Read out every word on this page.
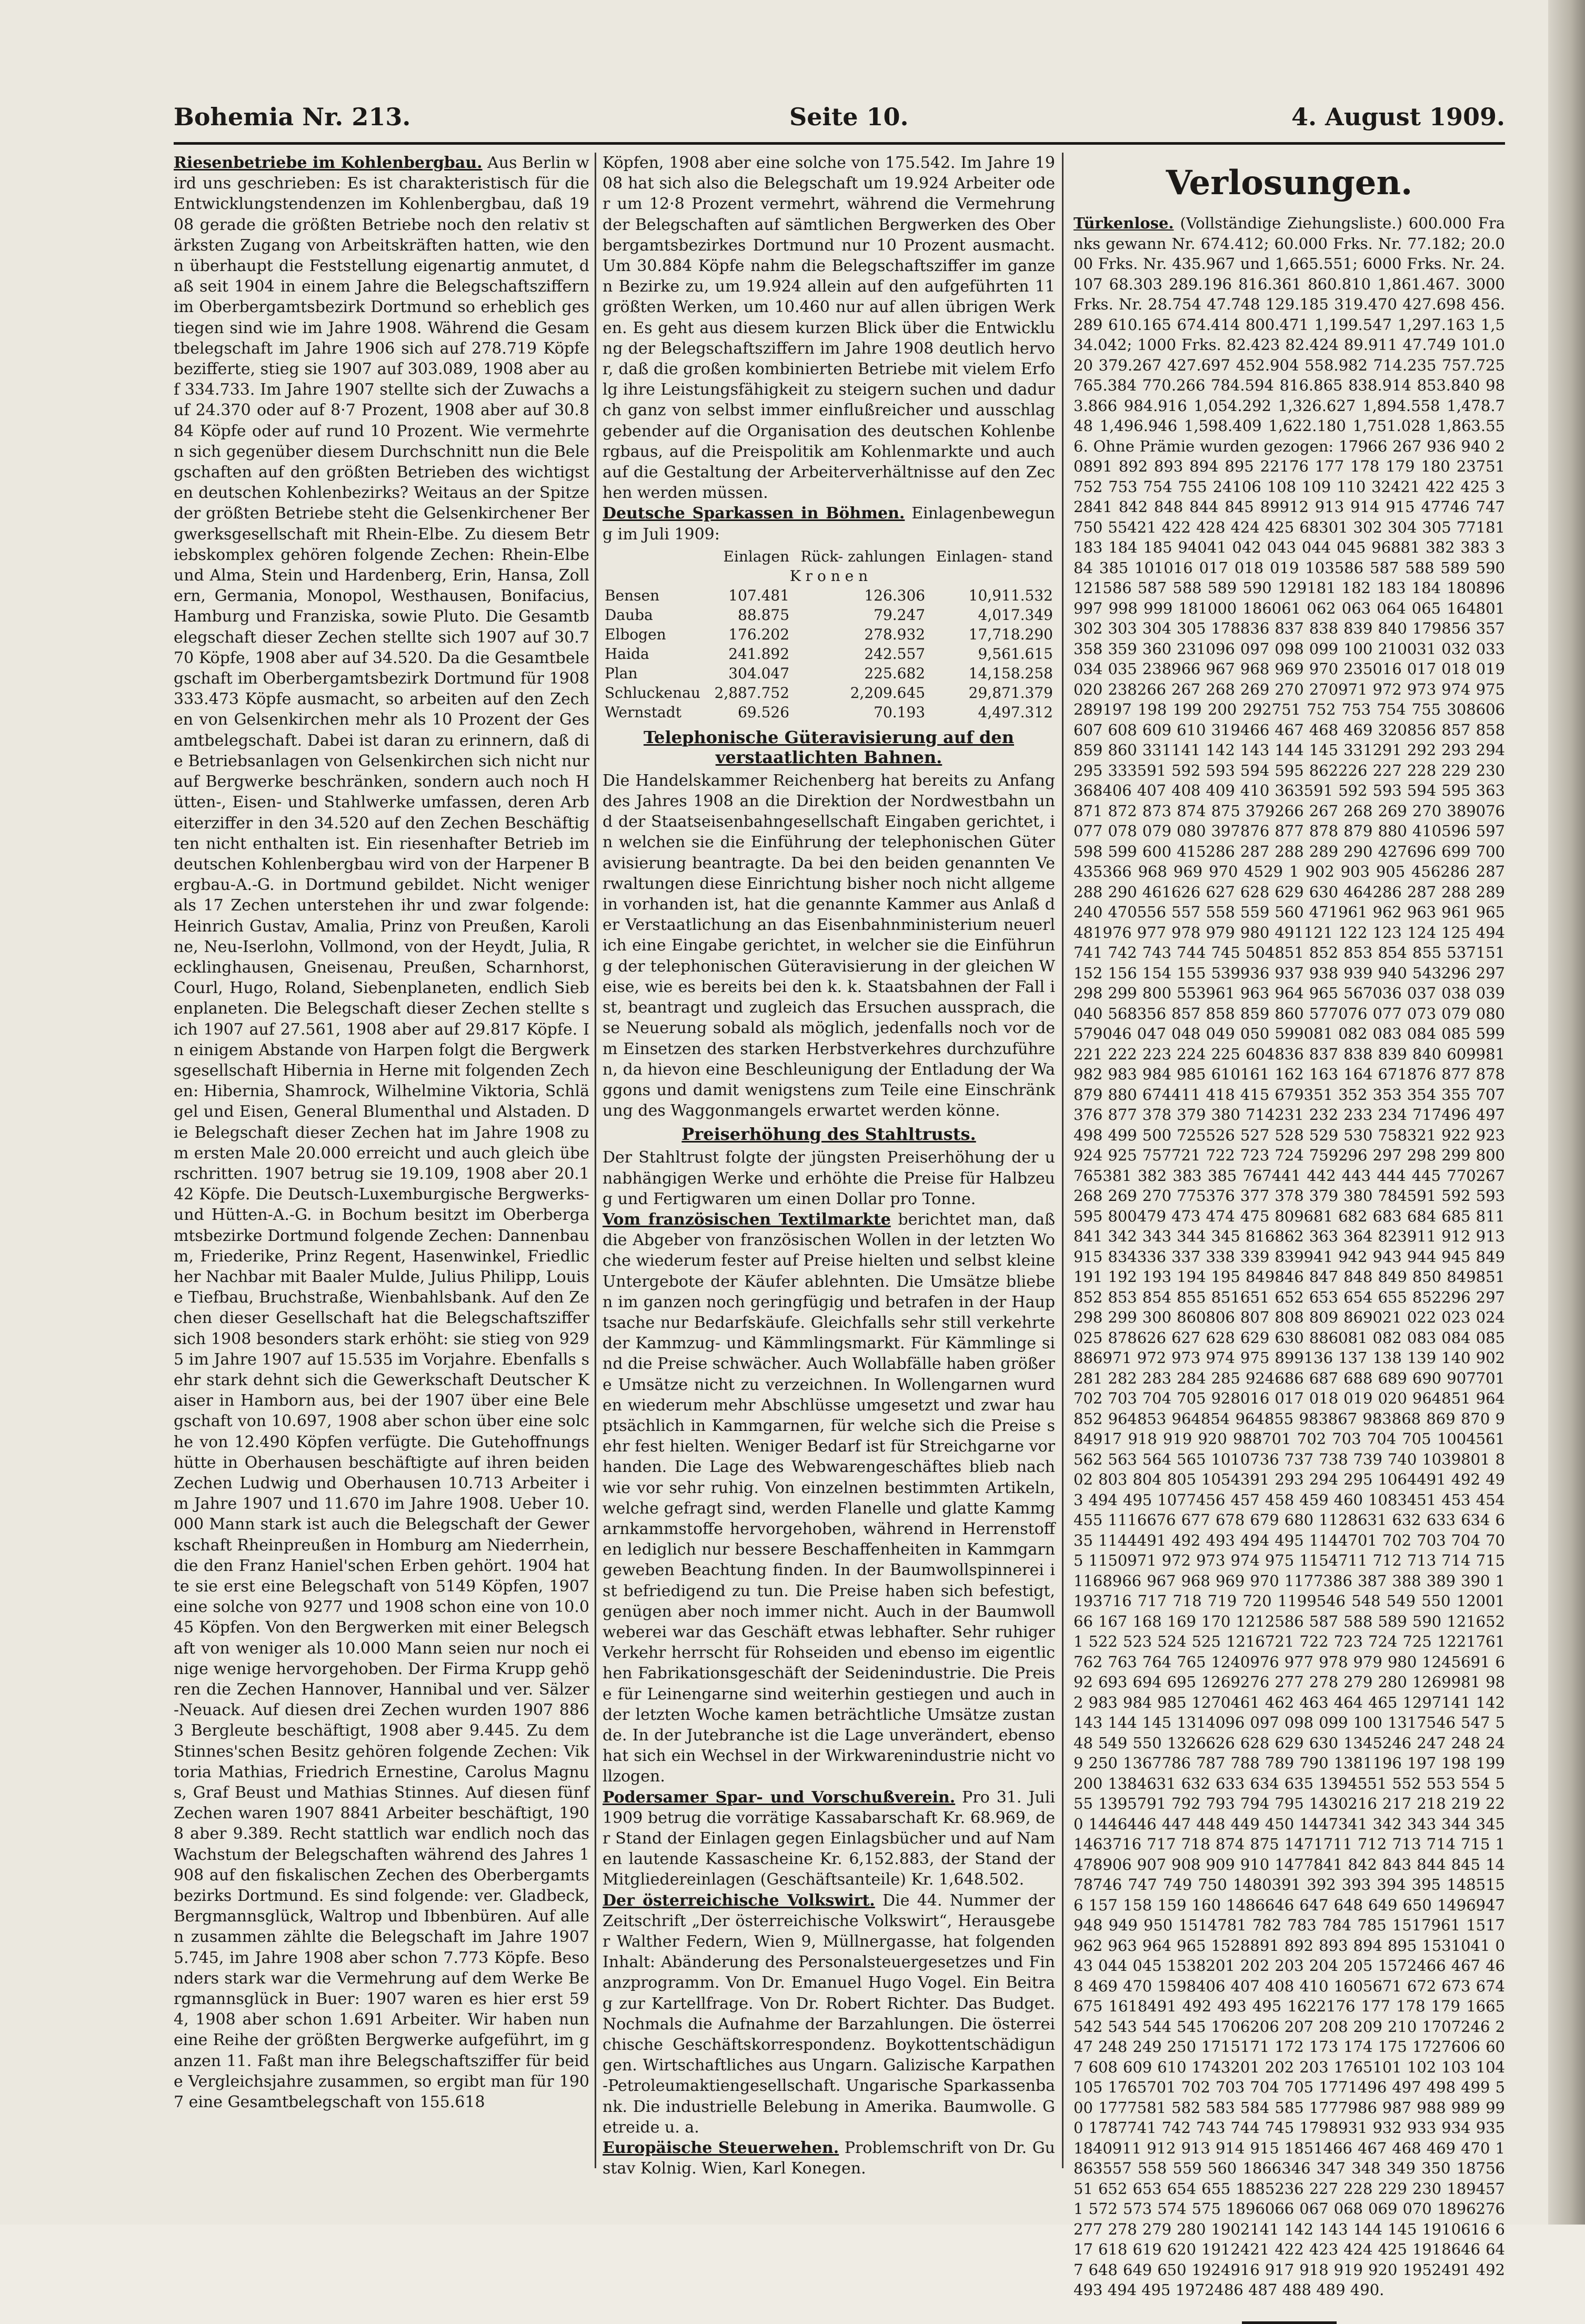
Bohemia Nr. 213.	Seite 10.	4. August 1909.

Riesenbetriebe im Kohlenbergbau. Aus Berlin wird uns geschrieben: Es ist charakteristisch für die Entwicklungstendenzen im Kohlenbergbau, daß 1908 gerade die größten Betriebe noch den relativ stärksten Zugang von Arbeitskräften hatten, wie denn überhaupt die Feststellung eigenartig anmutet, daß seit 1904 in einem Jahre die Belegschaftsziffern im Oberbergamtsbezirk Dortmund so erheblich gestiegen sind wie im Jahre 1908. Während die Gesamtbelegschaft im Jahre 1906 sich auf 278.719 Köpfe bezifferte, stieg sie 1907 auf 303.089, 1908 aber auf 334.733. Im Jahre 1907 stellte sich der Zuwachs auf 24.370 oder auf 8·7 Prozent, 1908 aber auf 30.884 Köpfe oder auf rund 10 Prozent. Wie vermehrten sich gegenüber diesem Durchschnitt nun die Belegschaften auf den größten Betrieben des wichtigsten deutschen Kohlenbezirks? Weitaus an der Spitze der größten Betriebe steht die Gelsenkirchener Bergwerksgesellschaft mit Rhein-Elbe. Zu diesem Betriebskomplex gehören folgende Zechen: Rhein-Elbe und Alma, Stein und Hardenberg, Erin, Hansa, Zollern, Germania, Monopol, Westhausen, Bonifacius, Hamburg und Franziska, sowie Pluto. Die Gesamtbelegschaft dieser Zechen stellte sich 1907 auf 30.770 Köpfe, 1908 aber auf 34.520. Da die Gesamtbelegschaft im Oberbergamtsbezirk Dortmund für 1908 333.473 Köpfe ausmacht, so arbeiten auf den Zechen von Gelsenkirchen mehr als 10 Prozent der Gesamtbelegschaft. Dabei ist daran zu erinnern, daß die Betriebsanlagen von Gelsenkirchen sich nicht nur auf Bergwerke beschränken, sondern auch noch Hütten-, Eisen- und Stahlwerke umfassen, deren Arbeiterziffer in den 34.520 auf den Zechen Beschäftigten nicht enthalten ist. Ein riesenhafter Betrieb im deutschen Kohlenbergbau wird von der Harpener Bergbau-A.-G. in Dortmund gebildet. Nicht weniger als 17 Zechen unterstehen ihr und zwar folgende: Heinrich Gustav, Amalia, Prinz von Preußen, Karoline, Neu-Iserlohn, Vollmond, von der Heydt, Julia, Recklinghausen, Gneisenau, Preußen, Scharnhorst, Courl, Hugo, Roland, Siebenplaneten, endlich Siebenplaneten. Die Belegschaft dieser Zechen stellte sich 1907 auf 27.561, 1908 aber auf 29.817 Köpfe. In einigem Abstande von Harpen folgt die Bergwerksgesellschaft Hibernia in Herne mit folgenden Zechen: Hibernia, Shamrock, Wilhelmine Viktoria, Schlägel und Eisen, General Blumenthal und Alstaden. Die Belegschaft dieser Zechen hat im Jahre 1908 zum ersten Male 20.000 erreicht und auch gleich überschritten. 1907 betrug sie 19.109, 1908 aber 20.142 Köpfe. Die Deutsch-Luxemburgische Bergwerks- und Hütten-A.-G. in Bochum besitzt im Oberbergamtsbezirke Dortmund folgende Zechen: Dannenbaum, Friederike, Prinz Regent, Hasenwinkel, Friedlicher Nachbar mit Baaler Mulde, Julius Philipp, Louise Tiefbau, Bruchstraße, Wienbahlsbank. Auf den Zechen dieser Gesellschaft hat die Belegschaftsziffer sich 1908 besonders stark erhöht: sie stieg von 9295 im Jahre 1907 auf 15.535 im Vorjahre. Ebenfalls sehr stark dehnt sich die Gewerkschaft Deutscher Kaiser in Hamborn aus, bei der 1907 über eine Belegschaft von 10.697, 1908 aber schon über eine solche von 12.490 Köpfen verfügte. Die Gutehoffnungshütte in Oberhausen beschäftigte auf ihren beiden Zechen Ludwig und Oberhausen 10.713 Arbeiter im Jahre 1907 und 11.670 im Jahre 1908. Ueber 10.000 Mann stark ist auch die Belegschaft der Gewerkschaft Rheinpreußen in Homburg am Niederrhein, die den Franz Haniel'schen Erben gehört. 1904 hatte sie erst eine Belegschaft von 5149 Köpfen, 1907 eine solche von 9277 und 1908 schon eine von 10.045 Köpfen. Von den Bergwerken mit einer Belegschaft von weniger als 10.000 Mann seien nur noch einige wenige hervorgehoben. Der Firma Krupp gehören die Zechen Hannover, Hannibal und ver. Sälzer-Neuack. Auf diesen drei Zechen wurden 1907 8863 Bergleute beschäftigt, 1908 aber 9.445. Zu dem Stinnes'schen Besitz gehören folgende Zechen: Viktoria Mathias, Friedrich Ernestine, Carolus Magnus, Graf Beust und Mathias Stinnes. Auf diesen fünf Zechen waren 1907 8841 Arbeiter beschäftigt, 1908 aber 9.389. Recht stattlich war endlich noch das Wachstum der Belegschaften während des Jahres 1908 auf den fiskalischen Zechen des Oberbergamtsbezirks Dortmund. Es sind folgende: ver. Gladbeck, Bergmannsglück, Waltrop und Ibbenbüren. Auf allen zusammen zählte die Belegschaft im Jahre 1907 5.745, im Jahre 1908 aber schon 7.773 Köpfe. Besonders stark war die Vermehrung auf dem Werke Bergmannsglück in Buer: 1907 waren es hier erst 594, 1908 aber schon 1.691 Arbeiter. Wir haben nun eine Reihe der größten Bergwerke aufgeführt, im ganzen 11. Faßt man ihre Belegschaftsziffer für beide Vergleichsjahre zusammen, so ergibt man für 1907 eine Gesamtbelegschaft von 155.618

Köpfen, 1908 aber eine solche von 175.542. Im Jahre 1908 hat sich also die Belegschaft um 19.924 Arbeiter oder um 12·8 Prozent vermehrt, während die Vermehrung der Belegschaften auf sämtlichen Bergwerken des Oberbergamtsbezirkes Dortmund nur 10 Prozent ausmacht. Um 30.884 Köpfe nahm die Belegschaftsziffer im ganzen Bezirke zu, um 19.924 allein auf den aufgeführten 11 größten Werken, um 10.460 nur auf allen übrigen Werken. Es geht aus diesem kurzen Blick über die Entwicklung der Belegschaftsziffern im Jahre 1908 deutlich hervor, daß die großen kombinierten Betriebe mit vielem Erfolg ihre Leistungsfähigkeit zu steigern suchen und dadurch ganz von selbst immer einflußreicher und ausschlaggebender auf die Organisation des deutschen Kohlenbergbaus, auf die Preispolitik am Kohlenmarkte und auch auf die Gestaltung der Arbeiterverhältnisse auf den Zechen werden müssen.

Deutsche Sparkassen in Böhmen. Einlagenbewegung im Juli 1909:

	Einlagen	Rück- zahlungen	Einlagen- stand
K r o n e n			
Bensen	107.481	126.306	10,911.532
Dauba	88.875	79.247	4,017.349
Elbogen	176.202	278.932	17,718.290
Haida	241.892	242.557	9,561.615
Plan	304.047	225.682	14,158.258
Schluckenau	2,887.752	2,209.645	29,871.379
Wernstadt	69.526	70.193	4,497.312
Telephonische Güteravisierung auf den verstaatlichten Bahnen.

Die Handelskammer Reichenberg hat bereits zu Anfang des Jahres 1908 an die Direktion der Nordwestbahn und der Staatseisenbahngesellschaft Eingaben gerichtet, in welchen sie die Einführung der telephonischen Güteravisierung beantragte. Da bei den beiden genannten Verwaltungen diese Einrichtung bisher noch nicht allgemein vorhanden ist, hat die genannte Kammer aus Anlaß der Verstaatlichung an das Eisenbahnministerium neuerlich eine Eingabe gerichtet, in welcher sie die Einführung der telephonischen Güteravisierung in der gleichen Weise, wie es bereits bei den k. k. Staatsbahnen der Fall ist, beantragt und zugleich das Ersuchen aussprach, diese Neuerung sobald als möglich, jedenfalls noch vor dem Einsetzen des starken Herbstverkehres durchzuführen, da hievon eine Beschleunigung der Entladung der Waggons und damit wenigstens zum Teile eine Einschränkung des Waggonmangels erwartet werden könne.

Preiserhöhung des Stahltrusts.

Der Stahltrust folgte der jüngsten Preiserhöhung der unabhängigen Werke und erhöhte die Preise für Halbzeug und Fertigwaren um einen Dollar pro Tonne.

Vom französischen Textilmarkte berichtet man, daß die Abgeber von französischen Wollen in der letzten Woche wiederum fester auf Preise hielten und selbst kleine Untergebote der Käufer ablehnten. Die Umsätze blieben im ganzen noch geringfügig und betrafen in der Hauptsache nur Bedarfskäufe. Gleichfalls sehr still verkehrte der Kammzug- und Kämmlingsmarkt. Für Kämmlinge sind die Preise schwächer. Auch Wollabfälle haben größere Umsätze nicht zu verzeichnen. In Wollengarnen wurden wiederum mehr Abschlüsse umgesetzt und zwar hauptsächlich in Kammgarnen, für welche sich die Preise sehr fest hielten. Weniger Bedarf ist für Streichgarne vorhanden. Die Lage des Webwarengeschäftes blieb nach wie vor sehr ruhig. Von einzelnen bestimmten Artikeln, welche gefragt sind, werden Flanelle und glatte Kammgarnkammstoffe hervorgehoben, während in Herrenstoffen lediglich nur bessere Beschaffenheiten in Kammgarngeweben Beachtung finden. In der Baumwollspinnerei ist befriedigend zu tun. Die Preise haben sich befestigt, genügen aber noch immer nicht. Auch in der Baumwollweberei war das Geschäft etwas lebhafter. Sehr ruhiger Verkehr herrscht für Rohseiden und ebenso im eigentlichen Fabrikationsgeschäft der Seidenindustrie. Die Preise für Leinengarne sind weiterhin gestiegen und auch in der letzten Woche kamen beträchtliche Umsätze zustande. In der Jutebranche ist die Lage unverändert, ebenso hat sich ein Wechsel in der Wirkwarenindustrie nicht vollzogen.

Podersamer Spar- und Vorschußverein. Pro 31. Juli 1909 betrug die vorrätige Kassabarschaft Kr. 68.969, der Stand der Einlagen gegen Einlagsbücher und auf Namen lautende Kassascheine Kr. 6,152.883, der Stand der Mitgliedereinlagen (Geschäftsanteile) Kr. 1,648.502.

Der österreichische Volkswirt. Die 44. Nummer der Zeitschrift „Der österreichische Volkswirt“, Herausgeber Walther Federn, Wien 9, Müllnergasse, hat folgenden Inhalt: Abänderung des Personalsteuergesetzes und Finanzprogramm. Von Dr. Emanuel Hugo Vogel. Ein Beitrag zur Kartellfrage. Von Dr. Robert Richter. Das Budget. Nochmals die Aufnahme der Barzahlungen. Die österreichische Geschäftskorrespondenz. Boykottentschädigungen. Wirtschaftliches aus Ungarn. Galizische Karpathen-Petroleumaktiengesellschaft. Ungarische Sparkassenbank. Die industrielle Belebung in Amerika. Baumwolle. Getreide u. a.

Europäische Steuerwehen. Problemschrift von Dr. Gustav Kolnig. Wien, Karl Konegen.

Verlosungen.

Türkenlose. (Vollständige Ziehungsliste.) 600.000 Franks gewann Nr. 674.412; 60.000 Frks. Nr. 77.182; 20.000 Frks. Nr. 435.967 und 1,665.551; 6000 Frks. Nr. 24.107 68.303 289.196 816.361 860.810 1,861.467. 3000 Frks. Nr. 28.754 47.748 129.185 319.470 427.698 456.289 610.165 674.414 800.471 1,199.547 1,297.163 1,534.042; 1000 Frks. 82.423 82.424 89.911 47.749 101.020 379.267 427.697 452.904 558.982 714.235 757.725 765.384 770.266 784.594 816.865 838.914 853.840 983.866 984.916 1,054.292 1,326.627 1,894.558 1,478.748 1,496.946 1,598.409 1,622.180 1,751.028 1,863.556. Ohne Prämie wurden gezogen: 17966 267 936 940 20891 892 893 894 895 22176 177 178 179 180 23751 752 753 754 755 24106 108 109 110 32421 422 425 32841 842 848 844 845 89912 913 914 915 47746 747 750 55421 422 428 424 425 68301 302 304 305 77181 183 184 185 94041 042 043 044 045 96881 382 383 384 385 101016 017 018 019 103586 587 588 589 590 121586 587 588 589 590 129181 182 183 184 180896 997 998 999 181000 186061 062 063 064 065 164801 302 303 304 305 178836 837 838 839 840 179856 357 358 359 360 231096 097 098 099 100 210031 032 033 034 035 238966 967 968 969 970 235016 017 018 019 020 238266 267 268 269 270 270971 972 973 974 975 289197 198 199 200 292751 752 753 754 755 308606 607 608 609 610 319466 467 468 469 320856 857 858 859 860 331141 142 143 144 145 331291 292 293 294 295 333591 592 593 594 595 862226 227 228 229 230 368406 407 408 409 410 363591 592 593 594 595 363871 872 873 874 875 379266 267 268 269 270 389076 077 078 079 080 397876 877 878 879 880 410596 597 598 599 600 415286 287 288 289 290 427696 699 700 435366 968 969 970 4529 1 902 903 905 456286 287 288 290 461626 627 628 629 630 464286 287 288 289 240 470556 557 558 559 560 471961 962 963 961 965 481976 977 978 979 980 491121 122 123 124 125 494741 742 743 744 745 504851 852 853 854 855 537151 152 156 154 155 539936 937 938 939 940 543296 297 298 299 800 553961 963 964 965 567036 037 038 039 040 568356 857 858 859 860 577076 077 073 079 080 579046 047 048 049 050 599081 082 083 084 085 599221 222 223 224 225 604836 837 838 839 840 609981 982 983 984 985 610161 162 163 164 671876 877 878 879 880 674411 418 415 679351 352 353 354 355 707376 877 378 379 380 714231 232 233 234 717496 497 498 499 500 725526 527 528 529 530 758321 922 923 924 925 757721 722 723 724 759296 297 298 299 800 765381 382 383 385 767441 442 443 444 445 770267 268 269 270 775376 377 378 379 380 784591 592 593 595 800479 473 474 475 809681 682 683 684 685 811841 342 343 344 345 816862 363 364 823911 912 913 915 834336 337 338 339 839941 942 943 944 945 849191 192 193 194 195 849846 847 848 849 850 849851 852 853 854 855 851651 652 653 654 655 852296 297 298 299 300 860806 807 808 809 869021 022 023 024 025 878626 627 628 629 630 886081 082 083 084 085 886971 972 973 974 975 899136 137 138 139 140 902281 282 283 284 285 924686 687 688 689 690 907701 702 703 704 705 928016 017 018 019 020 964851 964852 964853 964854 964855 983867 983868 869 870 984917 918 919 920 988701 702 703 704 705 1004561 562 563 564 565 1010736 737 738 739 740 1039801 802 803 804 805 1054391 293 294 295 1064491 492 493 494 495 1077456 457 458 459 460 1083451 453 454 455 1116676 677 678 679 680 1128631 632 633 634 635 1144491 492 493 494 495 1144701 702 703 704 705 1150971 972 973 974 975 1154711 712 713 714 715 1168966 967 968 969 970 1177386 387 388 389 390 1193716 717 718 719 720 1199546 548 549 550 1200166 167 168 169 170 1212586 587 588 589 590 1216521 522 523 524 525 1216721 722 723 724 725 1221761 762 763 764 765 1240976 977 978 979 980 1245691 692 693 694 695 1269276 277 278 279 280 1269981 982 983 984 985 1270461 462 463 464 465 1297141 142 143 144 145 1314096 097 098 099 100 1317546 547 548 549 550 1326626 628 629 630 1345246 247 248 249 250 1367786 787 788 789 790 1381196 197 198 199 200 1384631 632 633 634 635 1394551 552 553 554 555 1395791 792 793 794 795 1430216 217 218 219 220 1446446 447 448 449 450 1447341 342 343 344 345 1463716 717 718 874 875 1471711 712 713 714 715 1478906 907 908 909 910 1477841 842 843 844 845 1478746 747 749 750 1480391 392 393 394 395 1485156 157 158 159 160 1486646 647 648 649 650 1496947 948 949 950 1514781 782 783 784 785 1517961 1517962 963 964 965 1528891 892 893 894 895 1531041 043 044 045 1538201 202 203 204 205 1572466 467 468 469 470 1598406 407 408 410 1605671 672 673 674 675 1618491 492 493 495 1622176 177 178 179 1665542 543 544 545 1706206 207 208 209 210 1707246 247 248 249 250 1715171 172 173 174 175 1727606 607 608 609 610 1743201 202 203 1765101 102 103 104 105 1765701 702 703 704 705 1771496 497 498 499 500 1777581 582 583 584 585 1777986 987 988 989 990 1787741 742 743 744 745 1798931 932 933 934 935 1840911 912 913 914 915 1851466 467 468 469 470 1863557 558 559 560 1866346 347 348 349 350 1875651 652 653 654 655 1885236 227 228 229 230 1894571 572 573 574 575 1896066 067 068 069 070 1896276 277 278 279 280 1902141 142 143 144 145 1910616 617 618 619 620 1912421 422 423 424 425 1918646 647 648 649 650 1924916 917 918 919 920 1952491 492 493 494 495 1972486 487 488 489 490.
